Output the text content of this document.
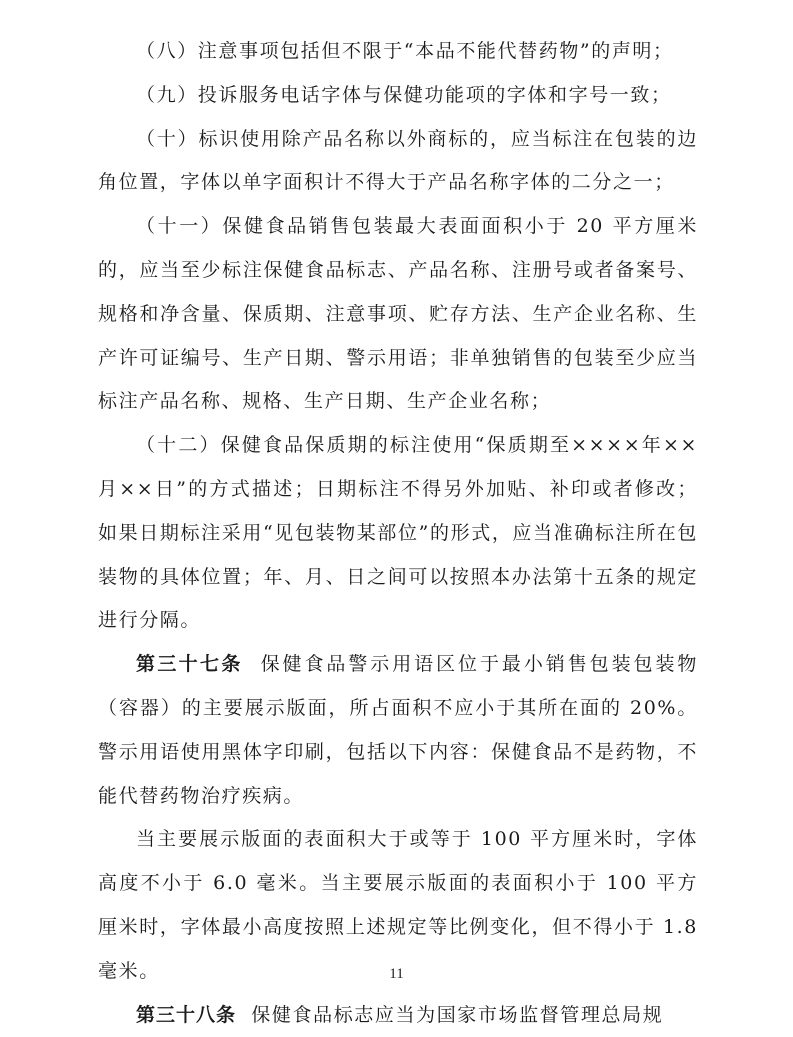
（八）注意事项包括但不限于“本品不能代替药物”的声明；

（九）投诉服务电话字体与保健功能项的字体和字号一致；

（十）标识使用除产品名称以外商标的，应当标注在包装的边角位置，字体以单字面积计不得大于产品名称字体的二分之一；

（十一）保健食品销售包装最大表面面积小于 20 平方厘米的，应当至少标注保健食品标志、产品名称、注册号或者备案号、规格和净含量、保质期、注意事项、贮存方法、生产企业名称、生产许可证编号、生产日期、警示用语；非单独销售的包装至少应当标注产品名称、规格、生产日期、生产企业名称；

（十二）保健食品保质期的标注使用“保质期至××××年××月××日”的方式描述；日期标注不得另外加贴、补印或者修改；如果日期标注采用“见包装物某部位”的形式，应当准确标注所在包装物的具体位置；年、月、日之间可以按照本办法第十五条的规定进行分隔。

第三十七条 保健食品警示用语区位于最小销售包装包装物（容器）的主要展示版面，所占面积不应小于其所在面的 20%。警示用语使用黑体字印刷，包括以下内容：保健食品不是药物，不能代替药物治疗疾病。

当主要展示版面的表面积大于或等于 100 平方厘米时，字体高度不小于 6.0 毫米。当主要展示版面的表面积小于 100 平方厘米时，字体最小高度按照上述规定等比例变化，但不得小于 1.8 毫米。

第三十八条 保健食品标志应当为国家市场监督管理总局规

11
